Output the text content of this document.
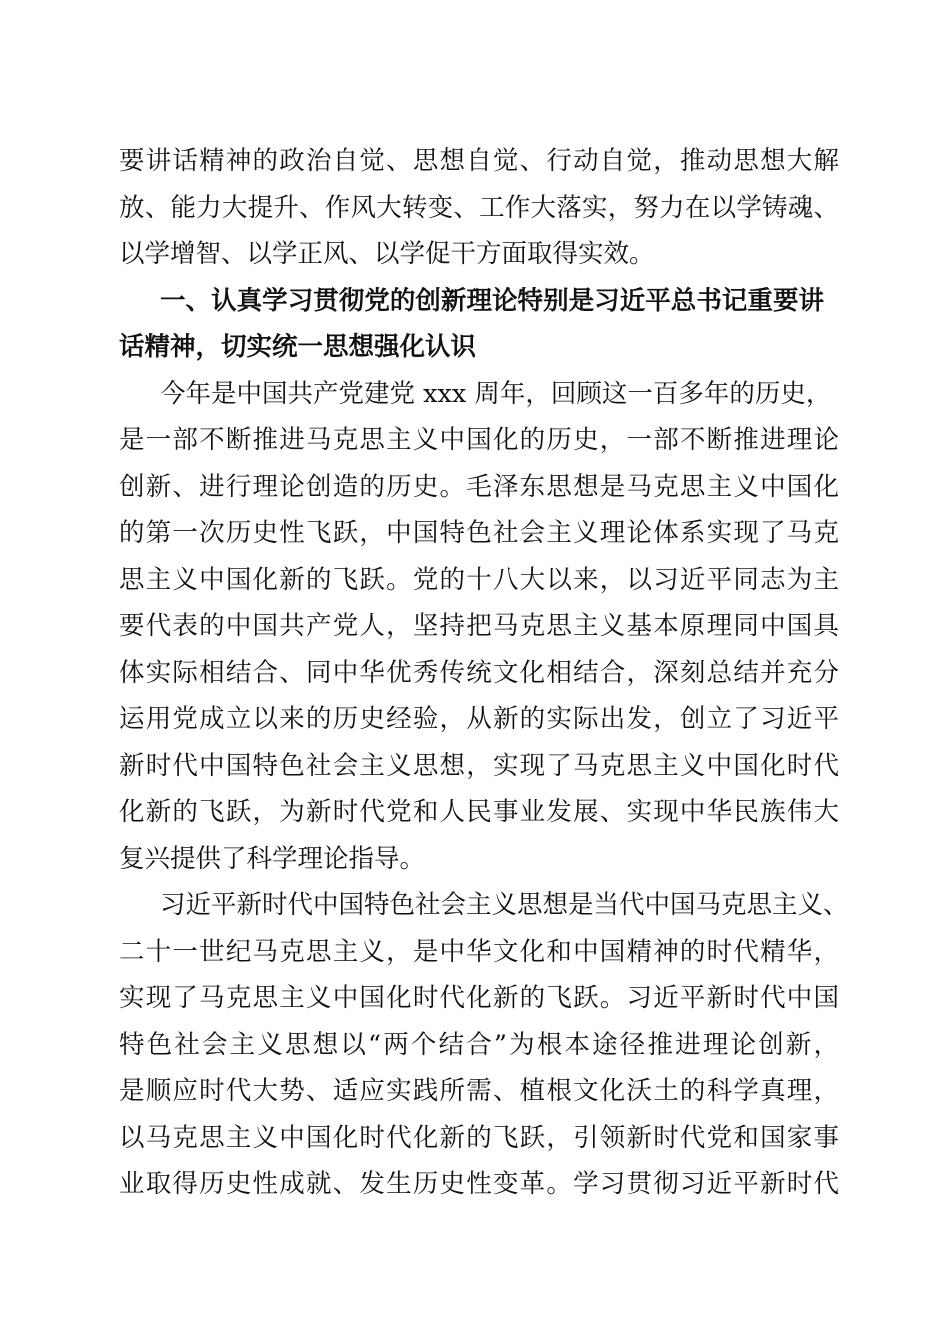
要讲话精神的政治自觉、思想自觉、行动自觉，推动思想大解
放、能力大提升、作风大转变、工作大落实，努力在以学铸魂、
以学增智、以学正风、以学促干方面取得实效。
一、认真学习贯彻党的创新理论特别是习近平总书记重要讲
话精神，切实统一思想强化认识
今年是中国共产党建党 xxx 周年，回顾这一百多年的历史，
是一部不断推进马克思主义中国化的历史，一部不断推进理论
创新、进行理论创造的历史。毛泽东思想是马克思主义中国化
的第一次历史性飞跃，中国特色社会主义理论体系实现了马克
思主义中国化新的飞跃。党的十八大以来，以习近平同志为主
要代表的中国共产党人，坚持把马克思主义基本原理同中国具
体实际相结合、同中华优秀传统文化相结合，深刻总结并充分
运用党成立以来的历史经验，从新的实际出发，创立了习近平
新时代中国特色社会主义思想，实现了马克思主义中国化时代
化新的飞跃，为新时代党和人民事业发展、实现中华民族伟大
复兴提供了科学理论指导。
习近平新时代中国特色社会主义思想是当代中国马克思主义、
二十一世纪马克思主义，是中华文化和中国精神的时代精华，
实现了马克思主义中国化时代化新的飞跃。习近平新时代中国
特色社会主义思想以“两个结合”为根本途径推进理论创新，
是顺应时代大势、适应实践所需、植根文化沃土的科学真理，
以马克思主义中国化时代化新的飞跃，引领新时代党和国家事
业取得历史性成就、发生历史性变革。学习贯彻习近平新时代
